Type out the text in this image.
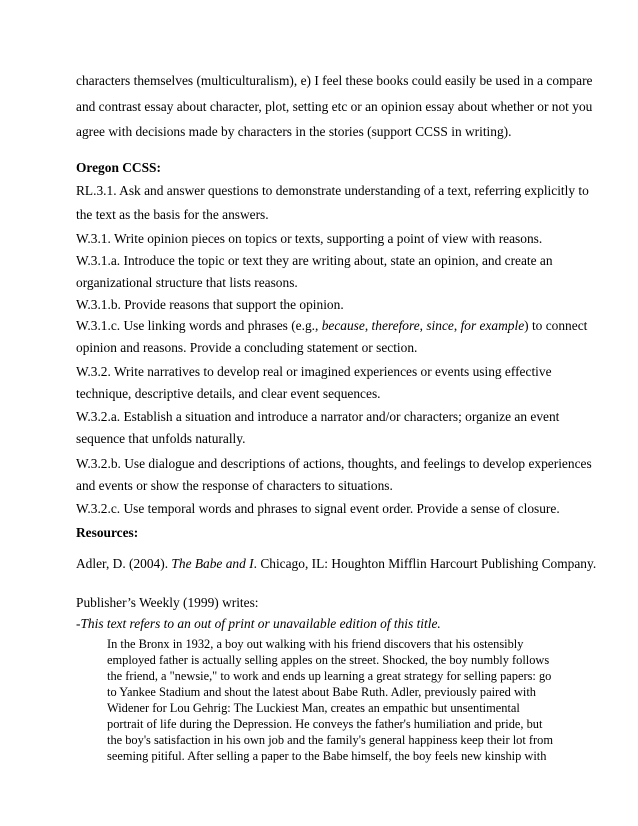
characters themselves (multiculturalism), e) I feel these books could easily be used in a compare
and contrast essay about character, plot, setting etc or an opinion essay about whether or not you
agree with decisions made by characters in the stories (support CCSS in writing).
Oregon CCSS:
RL.3.1. Ask and answer questions to demonstrate understanding of a text, referring explicitly to
the text as the basis for the answers.
W.3.1. Write opinion pieces on topics or texts, supporting a point of view with reasons.
W.3.1.a. Introduce the topic or text they are writing about, state an opinion, and create an
organizational structure that lists reasons.
W.3.1.b. Provide reasons that support the opinion.
W.3.1.c. Use linking words and phrases (e.g., because, therefore, since, for example) to connect
opinion and reasons. Provide a concluding statement or section.
W.3.2. Write narratives to develop real or imagined experiences or events using effective
technique, descriptive details, and clear event sequences.
W.3.2.a. Establish a situation and introduce a narrator and/or characters; organize an event
sequence that unfolds naturally.
W.3.2.b. Use dialogue and descriptions of actions, thoughts, and feelings to develop experiences
and events or show the response of characters to situations.
W.3.2.c. Use temporal words and phrases to signal event order. Provide a sense of closure.
Resources:
Adler, D. (2004). The Babe and I. Chicago, IL: Houghton Mifflin Harcourt Publishing Company.
Publisher’s Weekly (1999) writes:
-This text refers to an out of print or unavailable edition of this title.
In the Bronx in 1932, a boy out walking with his friend discovers that his ostensibly
employed father is actually selling apples on the street. Shocked, the boy numbly follows
the friend, a "newsie," to work and ends up learning a great strategy for selling papers: go
to Yankee Stadium and shout the latest about Babe Ruth. Adler, previously paired with
Widener for Lou Gehrig: The Luckiest Man, creates an empathic but unsentimental
portrait of life during the Depression. He conveys the father's humiliation and pride, but
the boy's satisfaction in his own job and the family's general happiness keep their lot from
seeming pitiful. After selling a paper to the Babe himself, the boy feels new kinship with
